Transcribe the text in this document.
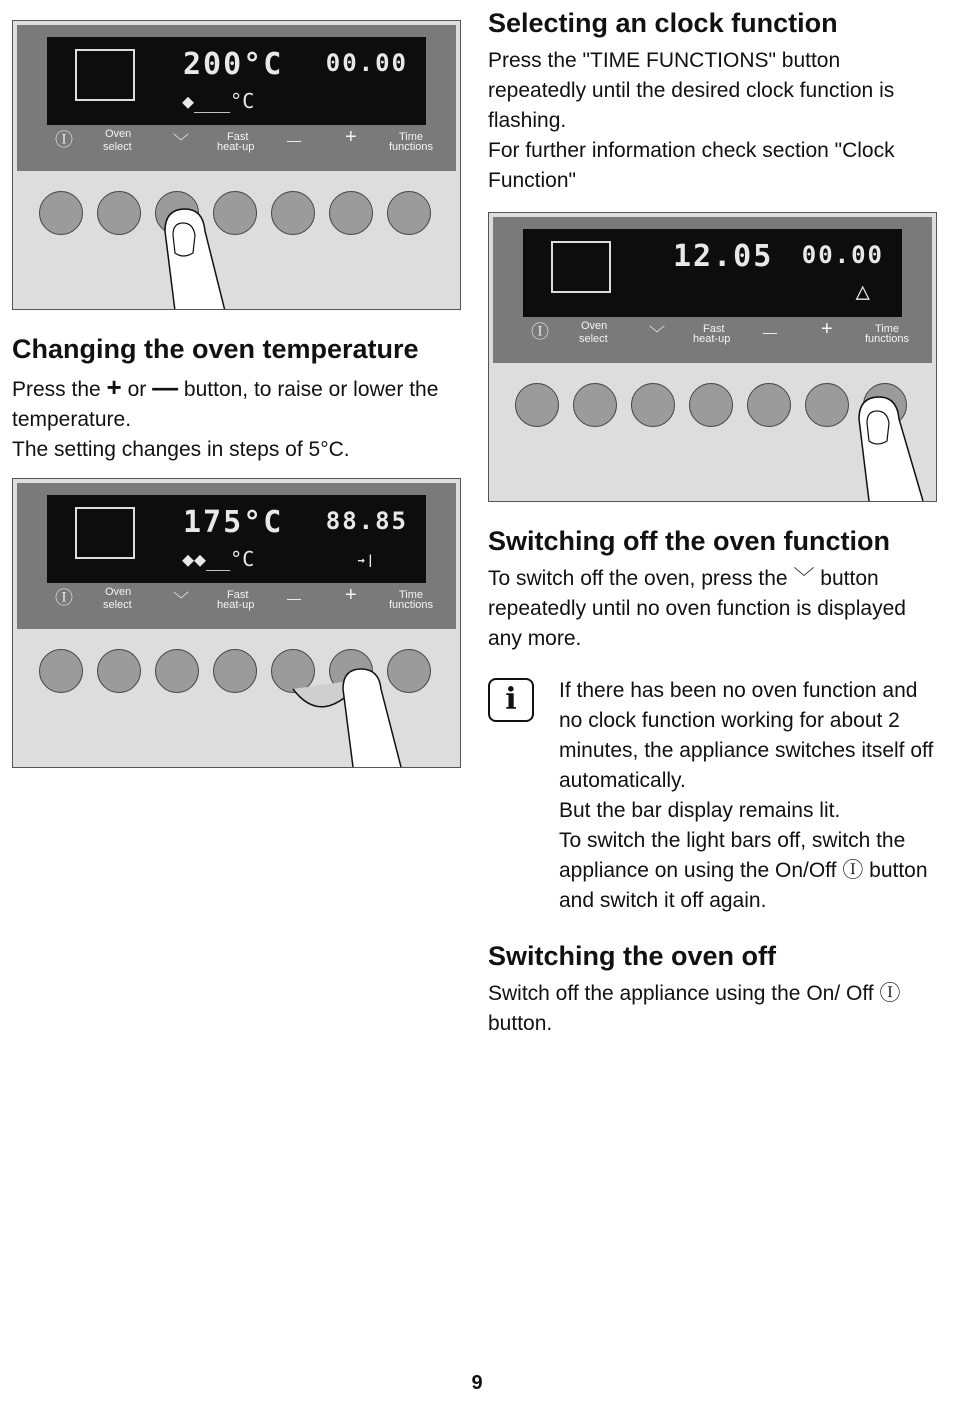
200°C 00.00
◆___°C
Ⓘ	Oven
select	﹀	Fast
heat-up — +	Time
functions
Changing the oven temperature

Press the + or — button, to raise or lower the temperature.

The setting changes in steps of 5°C.

175°C 88.85
◆◆__°C	→|
Ⓘ	Oven
select	﹀	Fast
heat-up — +	Time
functions
Selecting an clock function

Press the "TIME FUNCTIONS" button repeatedly until the desired clock function is flashing.

For further information check section "Clock Function"

12.05 00.00
△
Ⓘ	Oven
select	﹀	Fast
heat-up — +	Time
functions
Switching off the oven function

To switch off the oven, press the ﹀ button repeatedly until no oven function is displayed any more.

i	If there has been no oven function and no clock function working for about 2 minutes, the appliance switches itself off automatically.

But the bar display remains lit.

To switch the light bars off, switch the appliance on using the On/Off Ⓘ button and switch it off again.

Switching the oven off

Switch off the appliance using the On/ Off Ⓘ button.

9
